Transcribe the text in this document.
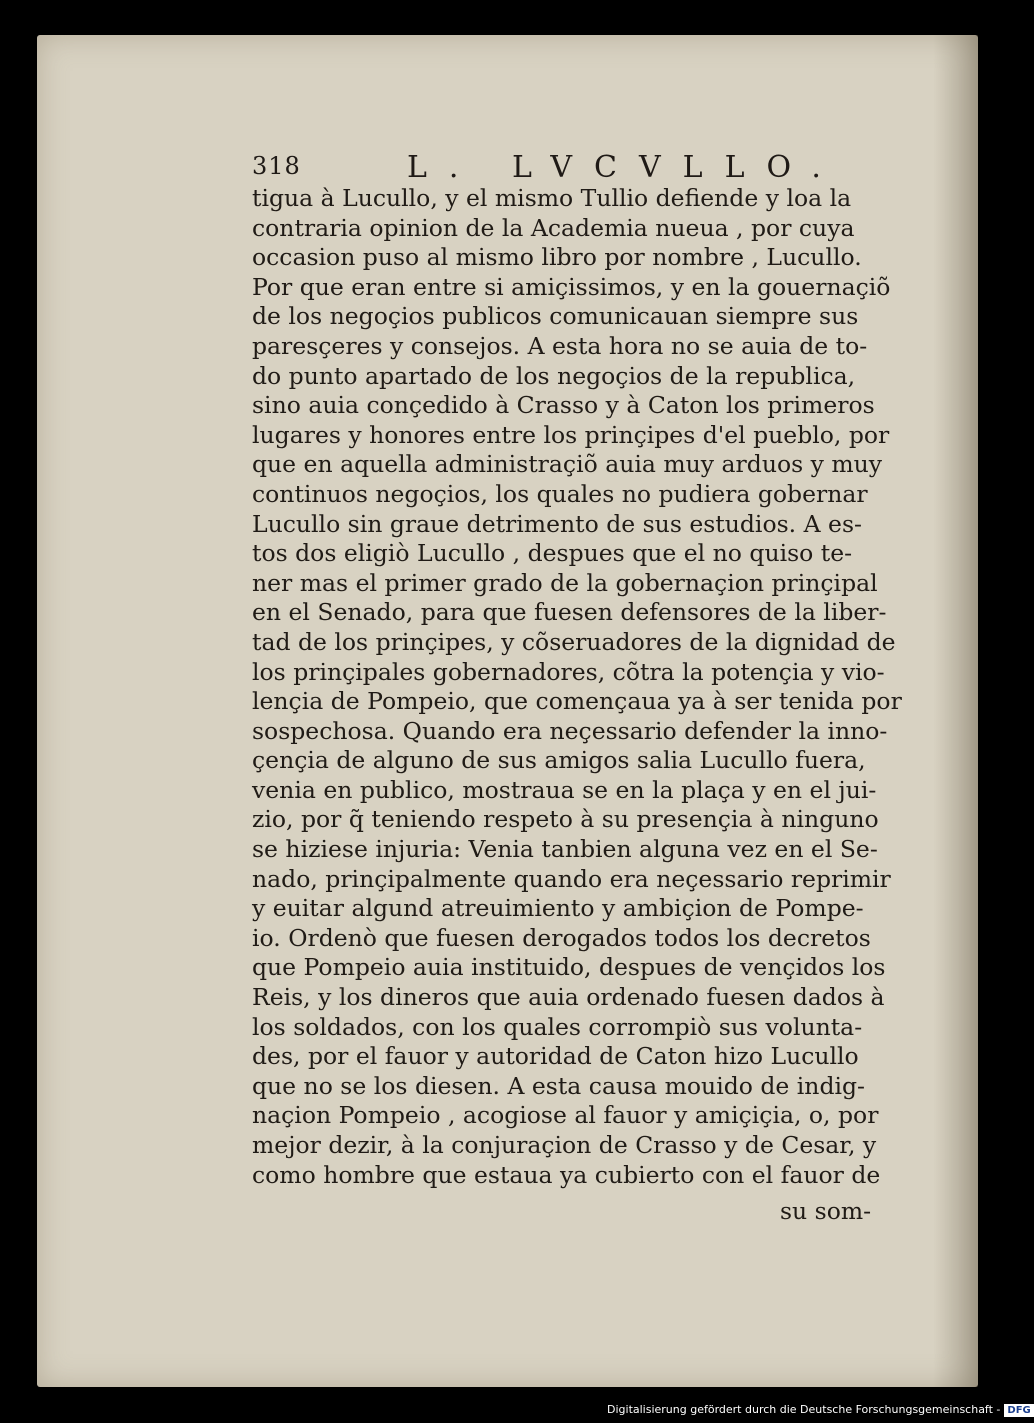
318	L. LVCVLLO.
tigua à Lucullo, y el mismo Tullio defiende y loa la
contraria opinion de la Academia nueua , por cuya
occasion puso al mismo libro por nombre , Lucullo.
Por que eran entre si amiçissimos, y en la gouernaçiõ
de los negoçios publicos comunicauan siempre sus
paresçeres y consejos. A esta hora no se auia de to-
do punto apartado de los negoçios de la republica,
sino auia conçedido à Crasso y à Caton los primeros
lugares y honores entre los prinçipes d'el pueblo, por
que en aquella administraçiõ auia muy arduos y muy
continuos negoçios, los quales no pudiera gobernar
Lucullo sin graue detrimento de sus estudios. A es-
tos dos eligiò Lucullo , despues que el no quiso te-
ner mas el primer grado de la gobernaçion prinçipal
en el Senado, para que fuesen defensores de la liber-
tad de los prinçipes, y cõseruadores de la dignidad de
los prinçipales gobernadores, cõtra la potençia y vio-
lençia de Pompeio, que començaua ya à ser tenida por
sospechosa. Quando era neçessario defender la inno-
çençia de alguno de sus amigos salia Lucullo fuera,
venia en publico, mostraua se en la plaça y en el jui-
zio, por q̃ teniendo respeto à su presençia à ninguno
se hiziese injuria: Venia tanbien alguna vez en el Se-
nado, prinçipalmente quando era neçessario reprimir
y euitar algund atreuimiento y ambiçion de Pompe-
io. Ordenò que fuesen derogados todos los decretos
que Pompeio auia instituido, despues de vençidos los
Reis, y los dineros que auia ordenado fuesen dados à
los soldados, con los quales corrompiò sus volunta-
des, por el fauor y autoridad de Caton hizo Lucullo
que no se los diesen. A esta causa mouido de indig-
naçion Pompeio , acogiose al fauor y amiçiçia, o, por
mejor dezir, à la conjuraçion de Crasso y de Cesar, y
como hombre que estaua ya cubierto con el fauor de
su som-
Digitalisierung gefördert durch die Deutsche Forschungsgemeinschaft - DFG
